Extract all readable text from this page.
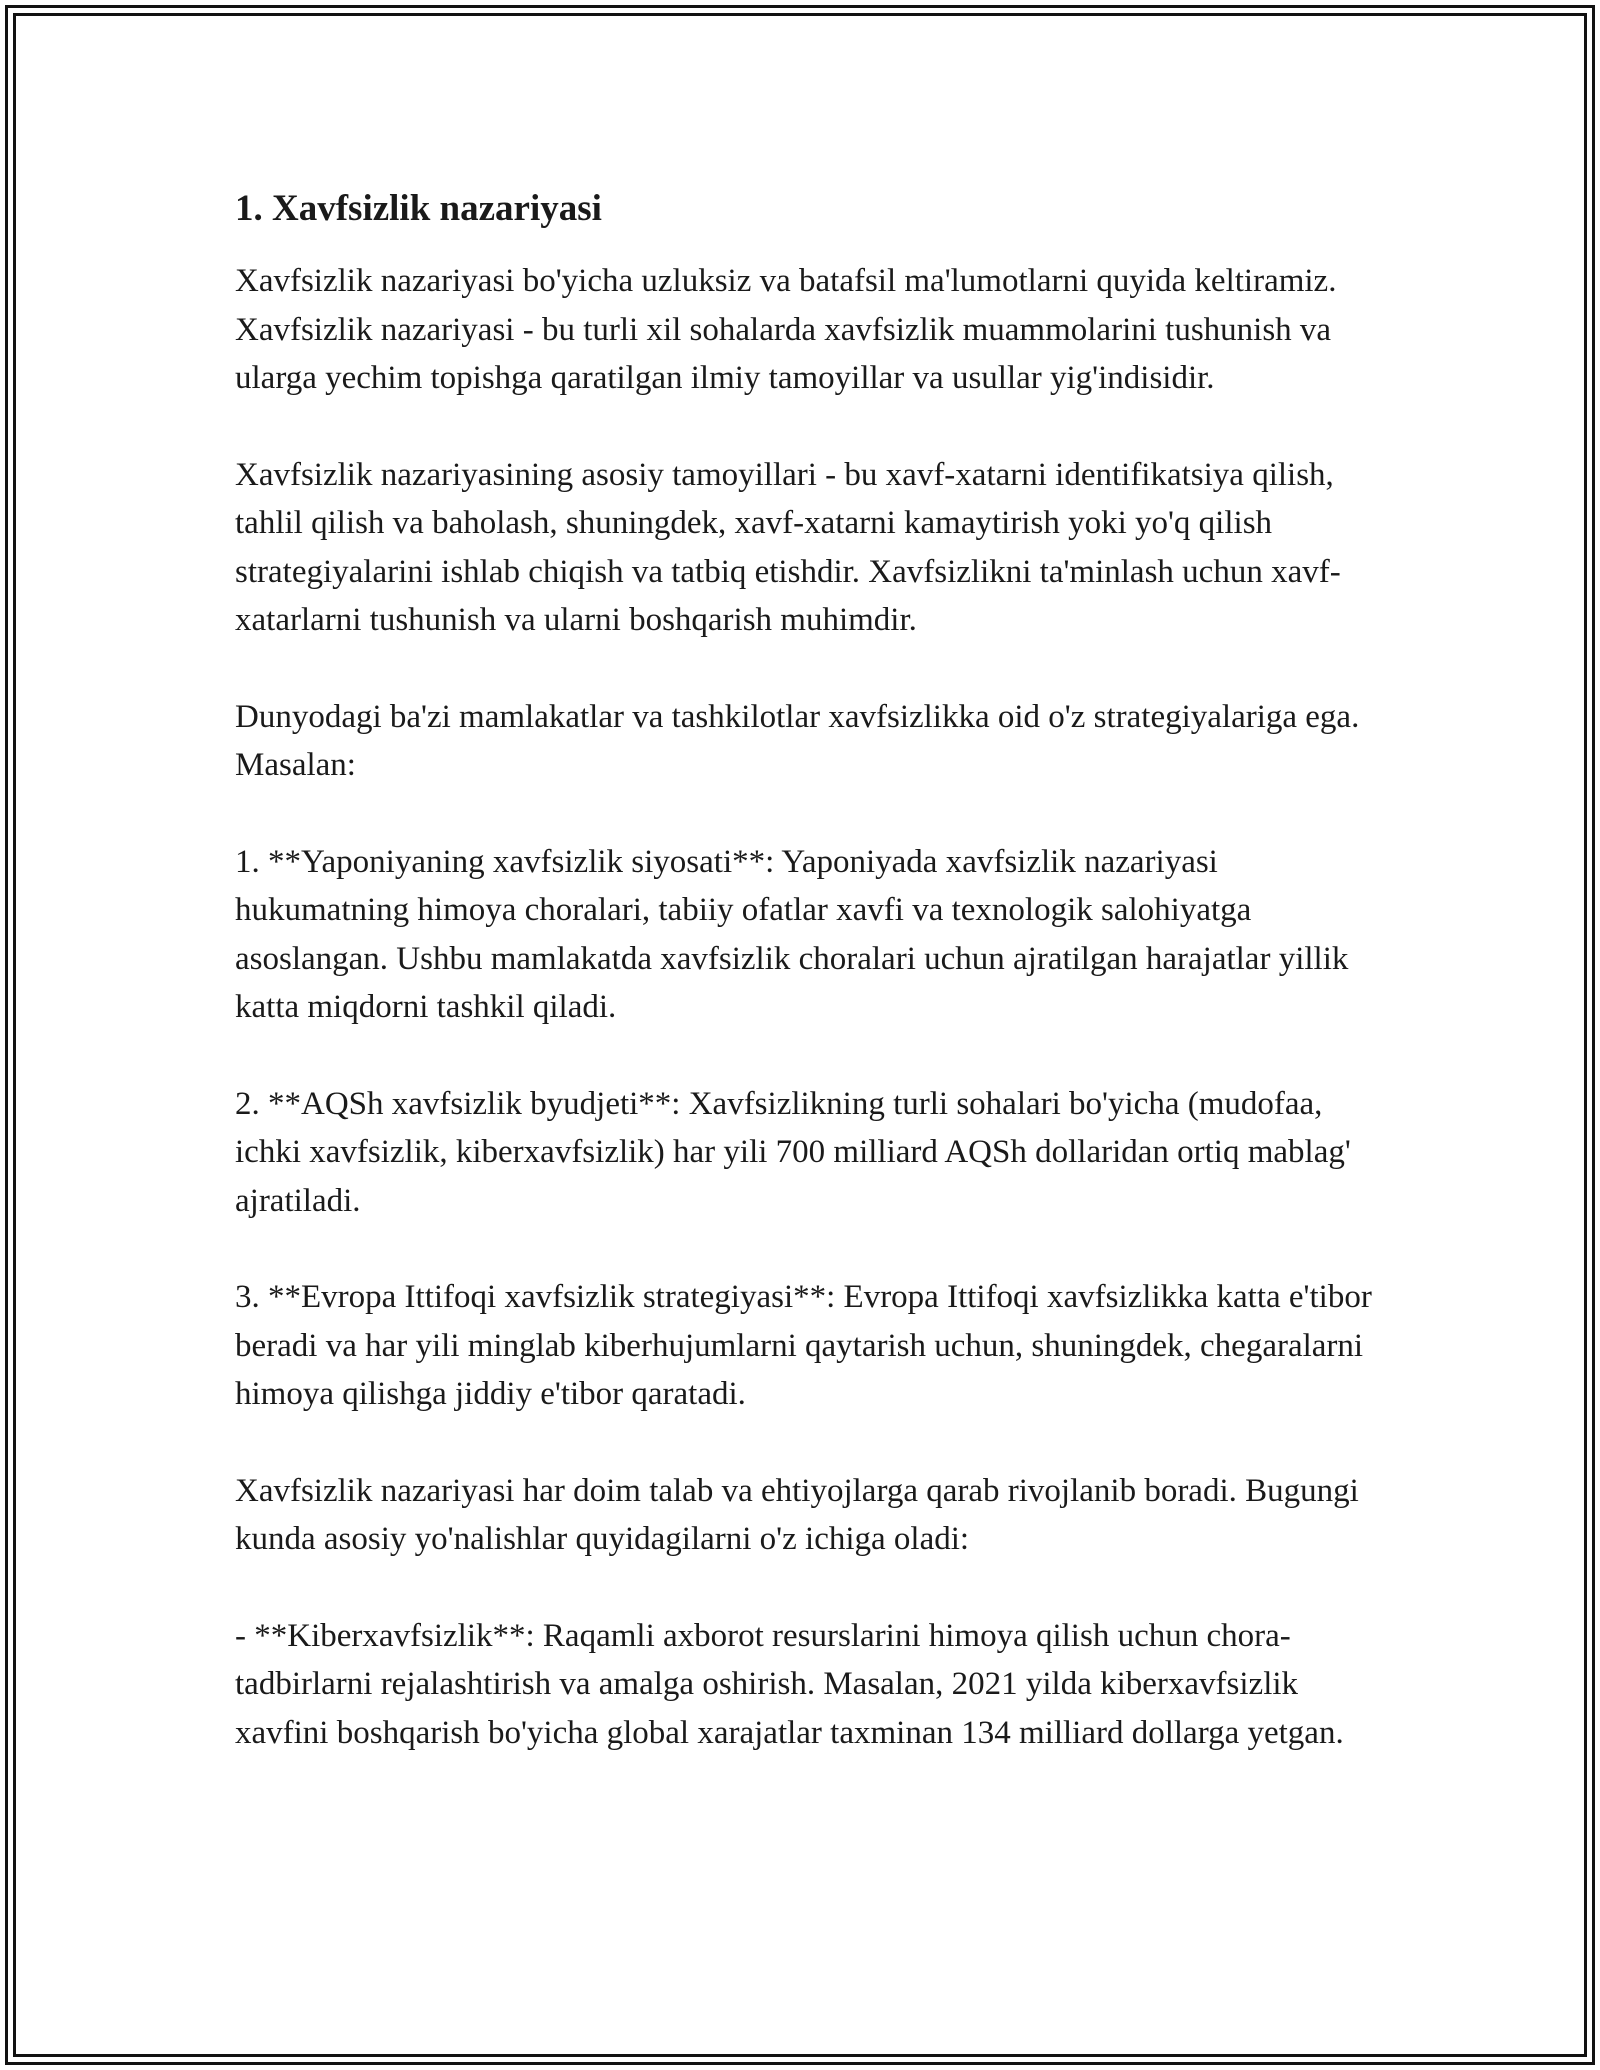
1. Xavfsizlik nazariyasi

Xavfsizlik nazariyasi bo'yicha uzluksiz va batafsil ma'lumotlarni quyida keltiramiz. Xavfsizlik nazariyasi - bu turli xil sohalarda xavfsizlik muammolarini tushunish va ularga yechim topishga qaratilgan ilmiy tamoyillar va usullar yig'indisidir.

Xavfsizlik nazariyasining asosiy tamoyillari - bu xavf-xatarni identifikatsiya qilish, tahlil qilish va baholash, shuningdek, xavf-xatarni kamaytirish yoki yo'q qilish strategiyalarini ishlab chiqish va tatbiq etishdir. Xavfsizlikni ta'minlash uchun xavf-xatarlarni tushunish va ularni boshqarish muhimdir.

Dunyodagi ba'zi mamlakatlar va tashkilotlar xavfsizlikka oid o'z strategiyalariga ega. Masalan:

1. **Yaponiyaning xavfsizlik siyosati**: Yaponiyada xavfsizlik nazariyasi hukumatning himoya choralari, tabiiy ofatlar xavfi va texnologik salohiyatga asoslangan. Ushbu mamlakatda xavfsizlik choralari uchun ajratilgan harajatlar yillik katta miqdorni tashkil qiladi.

2. **AQSh xavfsizlik byudjeti**: Xavfsizlikning turli sohalari bo'yicha (mudofaa, ichki xavfsizlik, kiberxavfsizlik) har yili 700 milliard AQSh dollaridan ortiq mablag' ajratiladi.

3. **Evropa Ittifoqi xavfsizlik strategiyasi**: Evropa Ittifoqi xavfsizlikka katta e'tibor beradi va har yili minglab kiberhujumlarni qaytarish uchun, shuningdek, chegaralarni himoya qilishga jiddiy e'tibor qaratadi.

Xavfsizlik nazariyasi har doim talab va ehtiyojlarga qarab rivojlanib boradi. Bugungi kunda asosiy yo'nalishlar quyidagilarni o'z ichiga oladi:

- **Kiberxavfsizlik**: Raqamli axborot resurslarini himoya qilish uchun chora-tadbirlarni rejalashtirish va amalga oshirish. Masalan, 2021 yilda kiberxavfsizlik xavfini boshqarish bo'yicha global xarajatlar taxminan 134 milliard dollarga yetgan.
